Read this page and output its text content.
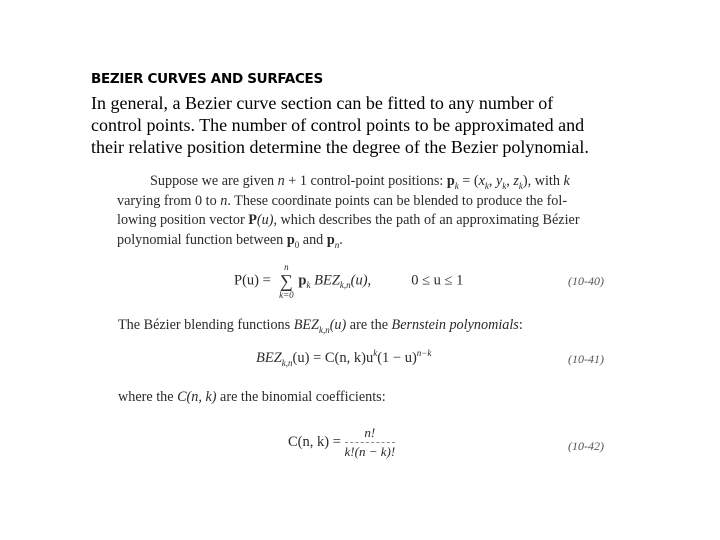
BEZIER CURVES AND SURFACES
In general, a Bezier curve section can be fitted to any number of
control points. The number of control points to be approximated and
their relative position determine the degree of the Bezier polynomial.
Suppose we are given n + 1 control-point positions: $p_k = (x_k$, $y_k$, $z_k$), with k
varying from 0 to n. These coordinate points can be blended to produce the fol-
lowing position vector P(u), which describes the path of an approximating Bézier
polynomial function between $p_0$ and $p_n$.
P(u) =
n
∑
k=0
$p_k$ $BEZ_{k,n}(u)$,	0 ≤ u ≤ 1	(10-40)
The Bézier blending functions $BEZ_{k,n}(u)$ are the Bernstein polynomials:
$BEZ_{k,n}(u) = C(n$, $k)u^k(1 - u)^{n-k}$	(10-41)
where the C(n, k) are the binomial coefficients:
C(n, $k) = \frac{n!}{k!(n - k)!}$	(10-42)
